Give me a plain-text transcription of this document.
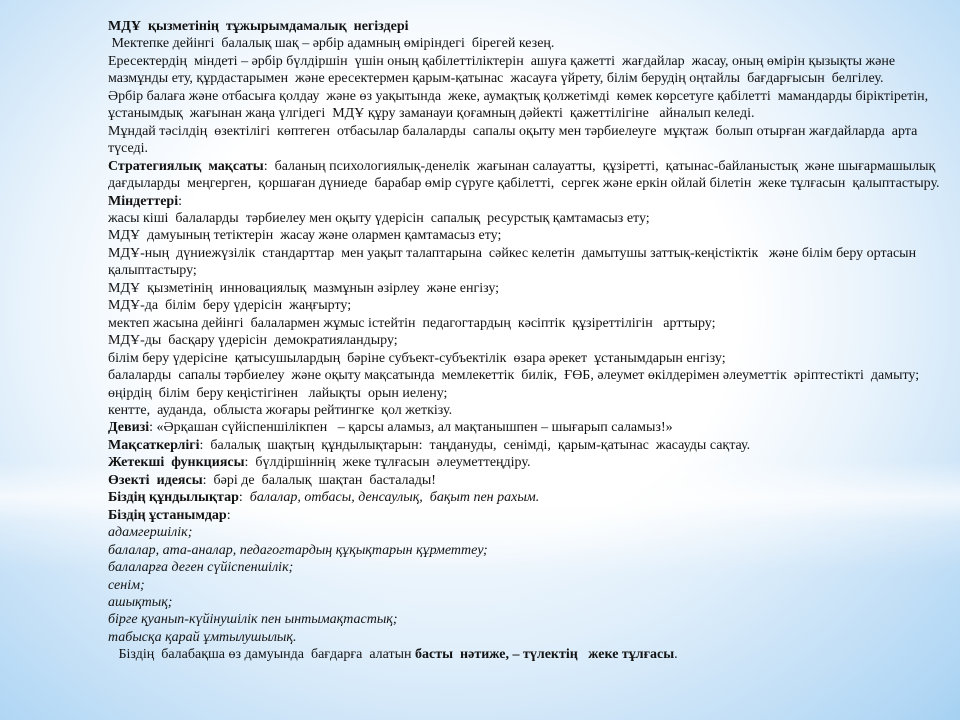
МДҰ  қызметінің  тұжырымдамалық  негіздері

Мектепке дейінгі  балалық шақ – әрбір адамның өміріндегі  бірегей кезең.

Ересектердің  міндеті – әрбір бүлдіршін  үшін оның қабілеттіліктерін  ашуға қажетті  жағдайлар  жасау, оның өмірін қызықты және мазмұнды ету, құрдастарымен  және ересектермен қарым-қатынас  жасауға үйрету, білім берудің оңтайлы  бағдарғысын  белгілеу.

Әрбір балаға және отбасыға қолдау  және өз уақытында  жеке, аумақтық қолжетімді  көмек көрсетуге қабілетті  мамандарды біріктіретін,  ұстанымдық  жағынан жаңа үлгідегі  МДҰ құру заманауи қоғамның дәйекті  қажеттілігіне   айналып келеді.

Мұндай тәсілдің  өзектілігі  көптеген  отбасылар балаларды  сапалы оқыту мен тәрбиелеуге  мұқтаж  болып отырған жағдайларда  арта түседі.

Стратегиялық  мақсаты:  баланың психологиялық-денелік  жағынан салауатты,  құзіретті,  қатынас-байланыстық  және шығармашылық  дағдыларды  меңгерген,  қоршаған дүниеде  барабар өмір сүруге қабілетті,  сергек және еркін ойлай білетін  жеке тұлғасын  қалыптастыру.

Міндеттері:

жасы кіші  балаларды  тәрбиелеу мен оқыту үдерісін  сапалық  ресурстық қамтамасыз ету;

МДҰ  дамуының тетіктерін  жасау және олармен қамтамасыз ету;

МДҰ-ның  дүниежүзілік  стандарттар  мен уақыт талаптарына  сәйкес келетін  дамытушы заттық-кеңістіктік   және білім беру ортасын қалыптастыру;

МДҰ  қызметінің  инновациялық  мазмұнын әзірлеу  және енгізу;

МДҰ-да  білім  беру үдерісін  жаңғырту;

мектеп жасына дейінгі  балалармен жұмыс істейтін  педагогтардың  кәсіптік  құзіреттілігін   арттыру;

МДҰ-ды  басқару үдерісін  демократияландыру;

білім беру үдерісіне  қатысушылардың  бәріне субъект-субъектілік  өзара әрекет  ұстанымдарын енгізу;

балаларды  сапалы тәрбиелеу  және оқыту мақсатында  мемлекеттік  билік,  ҒӨБ, әлеумет өкілдерімен әлеуметтік  әріптестікті  дамыту;

өңірдің  білім  беру кеңістігінен   лайықты  орын иелену;

кентте,  ауданда,  облыста жоғары рейтингке  қол жеткізу.

Девизі: «Әрқашан сүйіспеншілікпен   – қарсы аламыз, ал мақтанышпен – шығарып саламыз!»

Мақсаткерлігі:  балалық  шақтың  құндылықтарын:  таңдануды,  сенімді,  қарым-қатынас  жасауды сақтау.

Жетекші  функциясы:  бүлдіршіннің  жеке тұлғасын  әлеуметтеңдіру.

Өзекті  идеясы:  бәрі де  балалық  шақтан  басталады!

Біздің құндылықтар:  балалар, отбасы, денсаулық,  бақыт пен рахым.

Біздің ұстанымдар:

адамгершілік;

балалар, ата-аналар, педагогтардың құқықтарын құрметтеу;

балаларға деген сүйіспеншілік;

сенім;

ашықтық;

бірге қуанып-күйінушілік пен ынтымақтастық;

табысқа қарай ұмтылушылық.

Біздің  балабақша өз дамуында  бағдарға  алатын басты  нәтиже, – түлектің   жеке тұлғасы.
